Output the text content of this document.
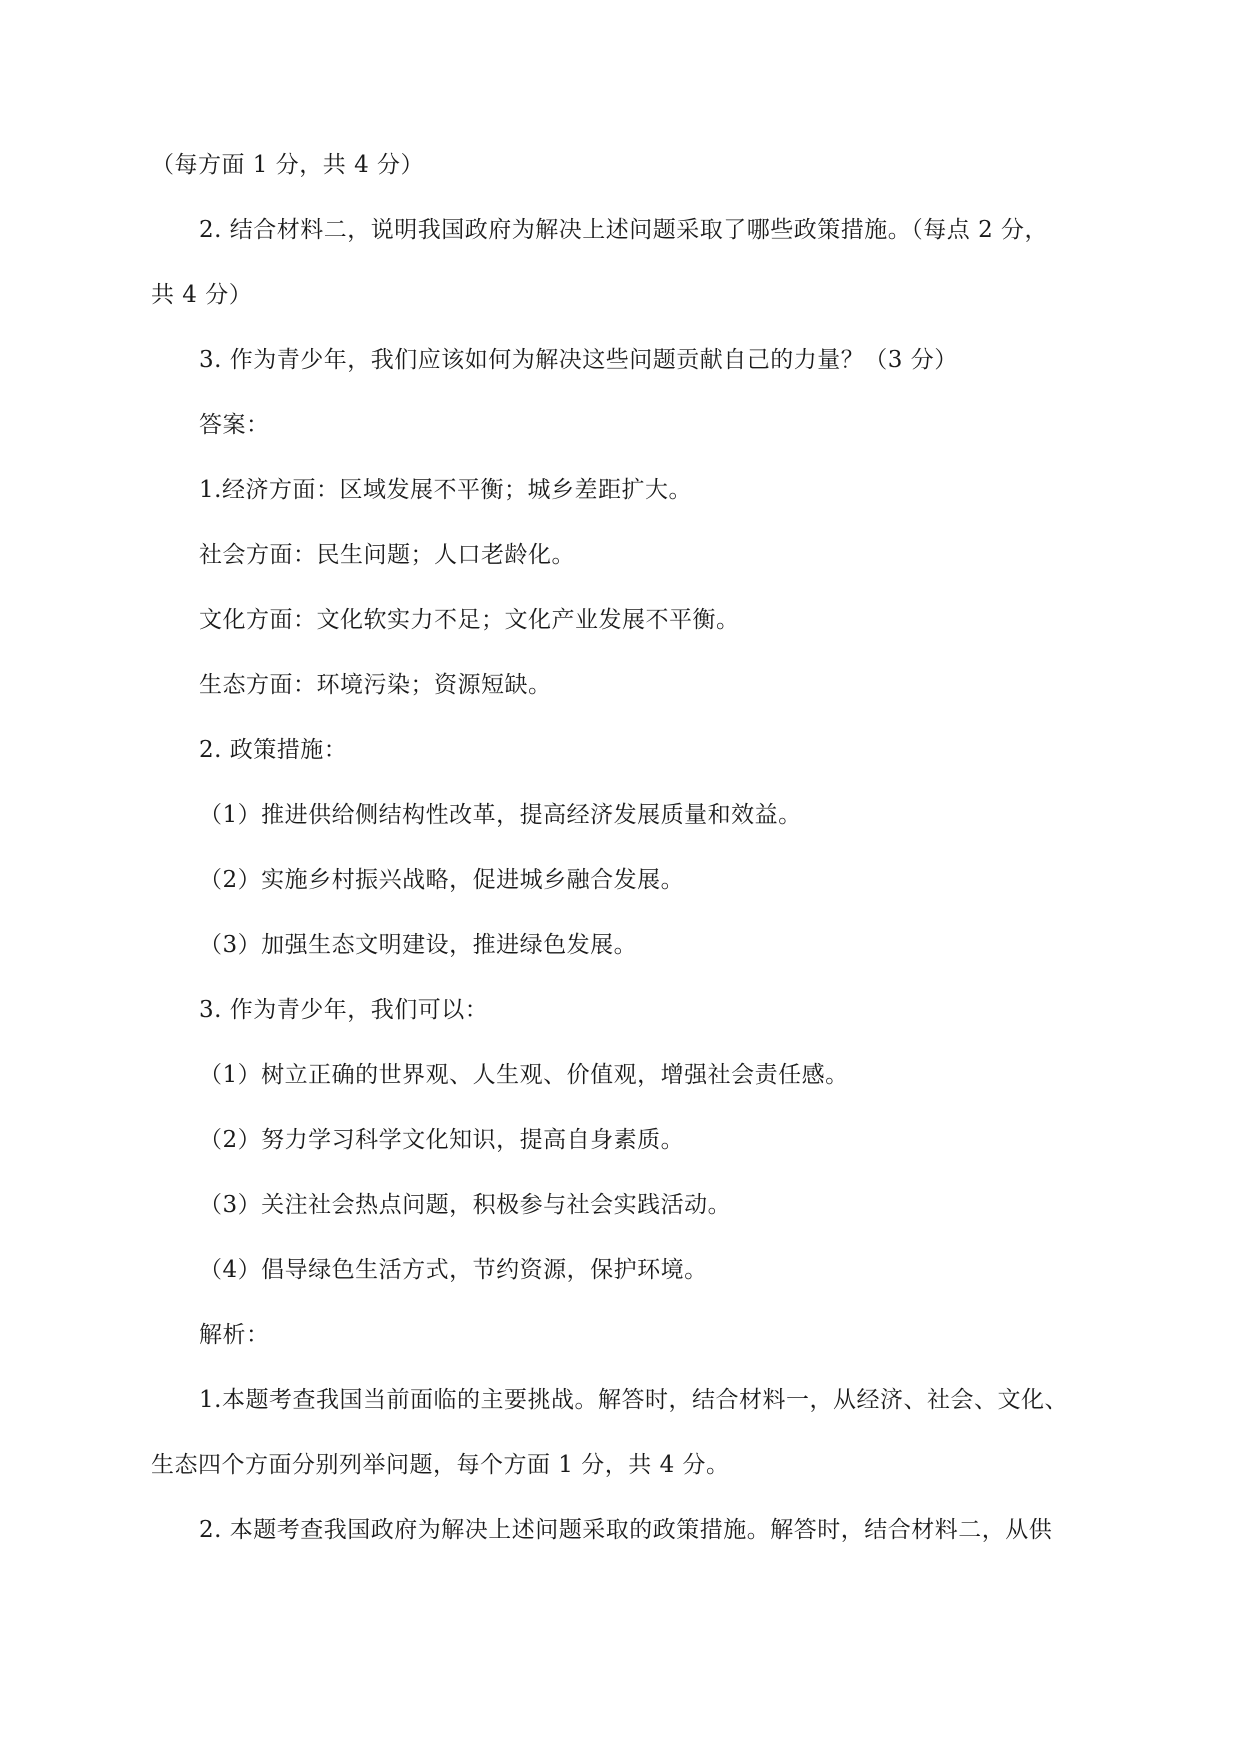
（每方面 1 分，共 4 分）
2. 结合材料二，说明我国政府为解决上述问题采取了哪些政策措施。（每点 2 分，
共 4 分）
3. 作为青少年，我们应该如何为解决这些问题贡献自己的力量？（3 分）
答案：
1.经济方面：区域发展不平衡；城乡差距扩大。
社会方面：民生问题；人口老龄化。
文化方面：文化软实力不足；文化产业发展不平衡。
生态方面：环境污染；资源短缺。
2. 政策措施：
（1）推进供给侧结构性改革，提高经济发展质量和效益。
（2）实施乡村振兴战略，促进城乡融合发展。
（3）加强生态文明建设，推进绿色发展。
3. 作为青少年，我们可以：
（1）树立正确的世界观、人生观、价值观，增强社会责任感。
（2）努力学习科学文化知识，提高自身素质。
（3）关注社会热点问题，积极参与社会实践活动。
（4）倡导绿色生活方式，节约资源，保护环境。
解析：
1.本题考查我国当前面临的主要挑战。解答时，结合材料一，从经济、社会、文化、
生态四个方面分别列举问题，每个方面 1 分，共 4 分。
2. 本题考查我国政府为解决上述问题采取的政策措施。解答时，结合材料二，从供
